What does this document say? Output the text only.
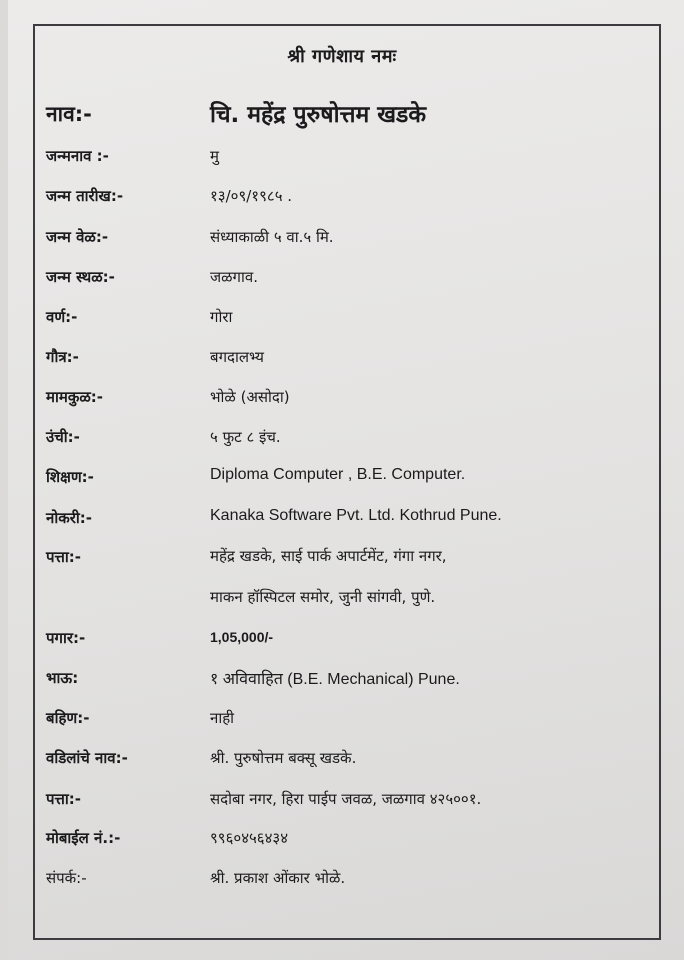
श्री गणेशाय नमः
नाव:-	चि. महेंद्र पुरुषोत्तम खडके
जन्मनाव :-	मु
जन्म तारीख:-	१३/०९/१९८५ .
जन्म वेळ:-	संध्याकाळी ५ वा.५ मि.
जन्म स्थळ:-	जळगाव.
वर्ण:-	गोरा
गौत्र:-	बगदालभ्य
मामकुळ:-	भोळे (असोदा)
उंची:-	५ फुट ८ इंच.
शिक्षण:-	Diploma Computer , B.E. Computer.
नोकरी:-	Kanaka Software Pvt. Ltd. Kothrud Pune.
पत्ता:-	महेंद्र खडके, साई पार्क अपार्टमेंट, गंगा नगर,
माकन हॉस्पिटल समोर, जुनी सांगवी, पुणे.
पगार:-	1,05,000/-
भाऊ:	१ अविवाहित (B.E. Mechanical) Pune.
बहिण:-	नाही
वडिलांचे नाव:-	श्री. पुरुषोत्तम बक्सू खडके.
पत्ता:-	सदोबा नगर, हिरा पाईप जवळ, जळगाव ४२५००१.
मोबाईल नं.:-	९९६०४५६४३४
संपर्क:-	श्री. प्रकाश ओंकार भोळे.
